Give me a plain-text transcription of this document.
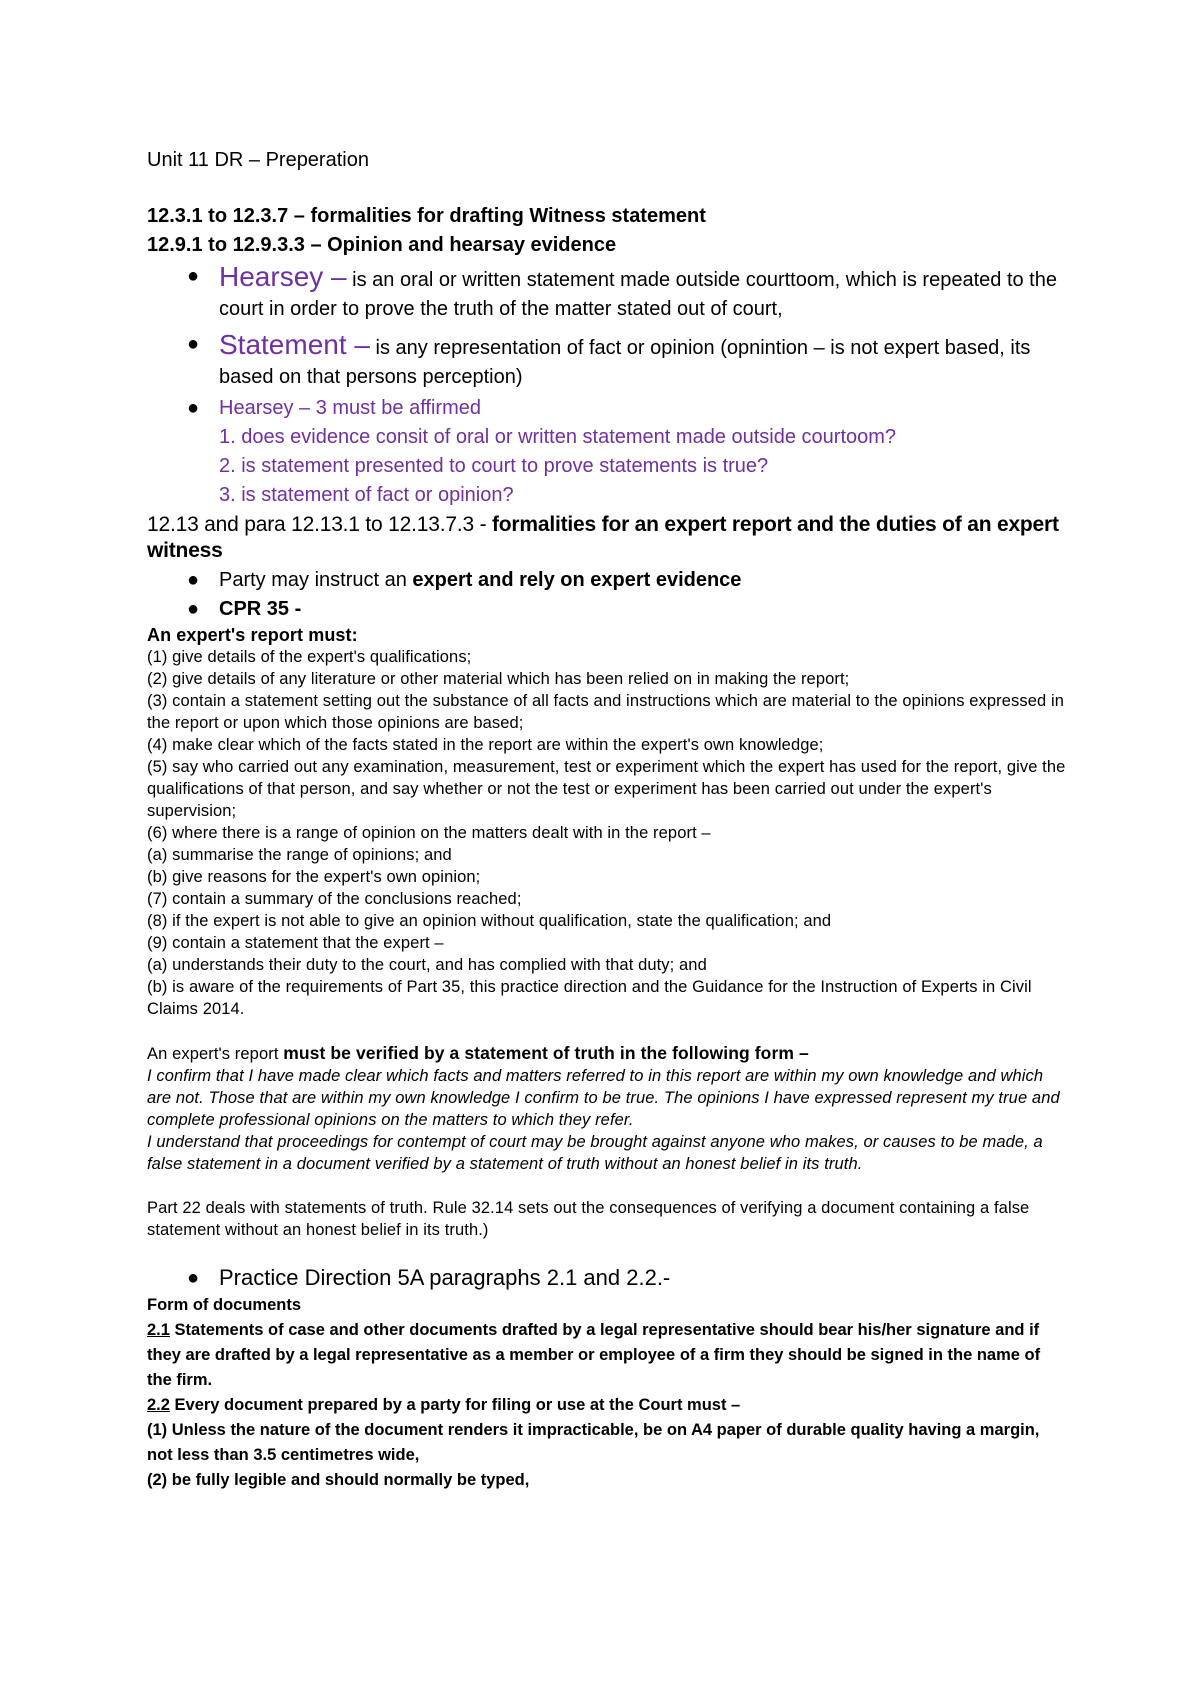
Unit 11 DR – Preperation

12.3.1 to 12.3.7 – formalities for drafting Witness statement

12.9.1 to 12.9.3.3 – Opinion and hearsay evidence

● Hearsey – is an oral or written statement made outside courttoom, which is repeated to the court in order to prove the truth of the matter stated out of court,
● Statement – is any representation of fact or opinion (opnintion – is not expert based, its based on that persons perception)
● Hearsey – 3 must be affirmed

1. does evidence consit of oral or written statement made outside courtoom?

2. is statement presented to court to prove statements is true?

3. is statement of fact or opinion?

12.13 and para 12.13.1 to 12.13.7.3 - formalities for an expert report and the duties of an expert witness

● Party may instruct an expert and rely on expert evidence
● CPR 35 -

An expert's report must:

(1) give details of the expert's qualifications;

(2) give details of any literature or other material which has been relied on in making the report;

(3) contain a statement setting out the substance of all facts and instructions which are material to the opinions expressed in the report or upon which those opinions are based;

(4) make clear which of the facts stated in the report are within the expert's own knowledge;

(5) say who carried out any examination, measurement, test or experiment which the expert has used for the report, give the qualifications of that person, and say whether or not the test or experiment has been carried out under the expert's supervision;

(6) where there is a range of opinion on the matters dealt with in the report –

(a) summarise the range of opinions; and

(b) give reasons for the expert's own opinion;

(7) contain a summary of the conclusions reached;

(8) if the expert is not able to give an opinion without qualification, state the qualification; and

(9) contain a statement that the expert –

(a) understands their duty to the court, and has complied with that duty; and

(b) is aware of the requirements of Part 35, this practice direction and the Guidance for the Instruction of Experts in Civil Claims 2014.

An expert's report must be verified by a statement of truth in the following form –

I confirm that I have made clear which facts and matters referred to in this report are within my own knowledge and which are not. Those that are within my own knowledge I confirm to be true. The opinions I have expressed represent my true and complete professional opinions on the matters to which they refer.

I understand that proceedings for contempt of court may be brought against anyone who makes, or causes to be made, a false statement in a document verified by a statement of truth without an honest belief in its truth.

Part 22 deals with statements of truth. Rule 32.14 sets out the consequences of verifying a document containing a false statement without an honest belief in its truth.)

● Practice Direction 5A paragraphs 2.1 and 2.2.-

Form of documents

2.1 Statements of case and other documents drafted by a legal representative should bear his/her signature and if they are drafted by a legal representative as a member or employee of a firm they should be signed in the name of the firm.

2.2 Every document prepared by a party for filing or use at the Court must –

(1) Unless the nature of the document renders it impracticable, be on A4 paper of durable quality having a margin, not less than 3.5 centimetres wide,

(2) be fully legible and should normally be typed,
